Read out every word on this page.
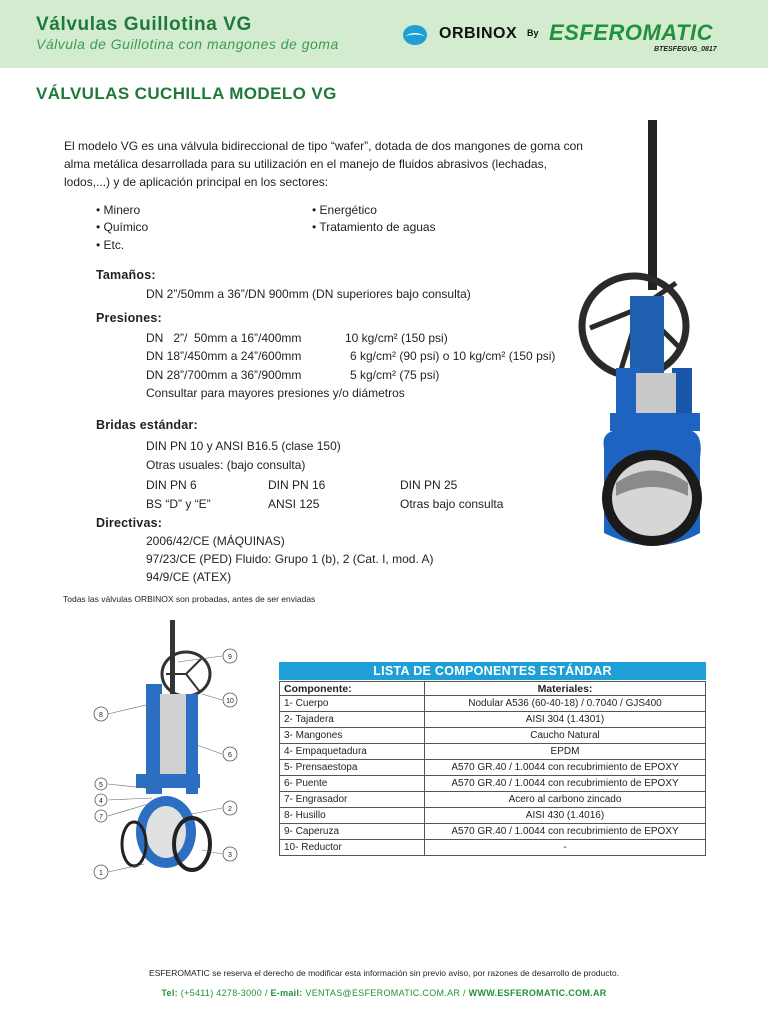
Válvulas Guillotina VG
Válvula de Guillotina con mangones de goma
ORBINOX By ESFEROMATIC
BTESFEGVG_0817
VÁLVULAS CUCHILLA MODELO VG
El modelo VG es una válvula bidireccional de tipo “wafer”, dotada de dos mangones de goma con alma metálica desarrollada para su utilización en el manejo de fluidos abrasivos (lechadas, lodos,...) y de aplicación principal en los sectores:
• Minero
• Químico
• Etc.
• Energético
• Tratamiento de aguas
Tamaños:
DN 2”/50mm a 36”/DN 900mm (DN superiores bajo consulta)
Presiones:
DN   2”/  50mm a 16”/400mm	10 kg/cm² (150 psi)
DN 18”/450mm a 24”/600mm	6 kg/cm² (90 psi) o 10 kg/cm² (150 psi)
DN 28”/700mm a 36”/900mm	5 kg/cm² (75 psi)
Consultar para mayores presiones y/o diámetros
Bridas estándar:
DIN PN 10 y ANSI B16.5 (clase 150)
Otras usuales: (bajo consulta)
DIN PN 6	DIN PN 16	DIN PN 25
BS “D” y “E”	ANSI 125	Otras bajo consulta
Directivas:
2006/42/CE (MÁQUINAS)
97/23/CE (PED) Fluido: Grupo 1 (b), 2 (Cat. I, mod. A)
94/9/CE (ATEX)
Todas las válvulas ORBINOX son probadas, antes de ser enviadas
9
10
8
6
5
4
7
2
3
1
LISTA DE COMPONENTES ESTÁNDAR
Componente:	Materiales:
1- Cuerpo	Nodular A536 (60-40-18) / 0.7040 / GJS400
2- Tajadera	AISI 304 (1.4301)
3- Mangones	Caucho Natural
4- Empaquetadura	EPDM
5- Prensaestopa	A570 GR.40 / 1.0044 con recubrimiento de EPOXY
6- Puente	A570 GR.40 / 1.0044 con recubrimiento de EPOXY
7- Engrasador	Acero al carbono zincado
8- Husillo	AISI 430 (1.4016)
9- Caperuza	A570 GR.40 / 1.0044 con recubrimiento de EPOXY
10- Reductor	-
ESFEROMATIC se reserva el derecho de modificar esta información sin previo aviso, por razones de desarrollo de producto.
Tel: (+5411) 4278-3000 / E-mail: VENTAS@ESFEROMATIC.COM.AR / WWW.ESFEROMATIC.COM.AR
